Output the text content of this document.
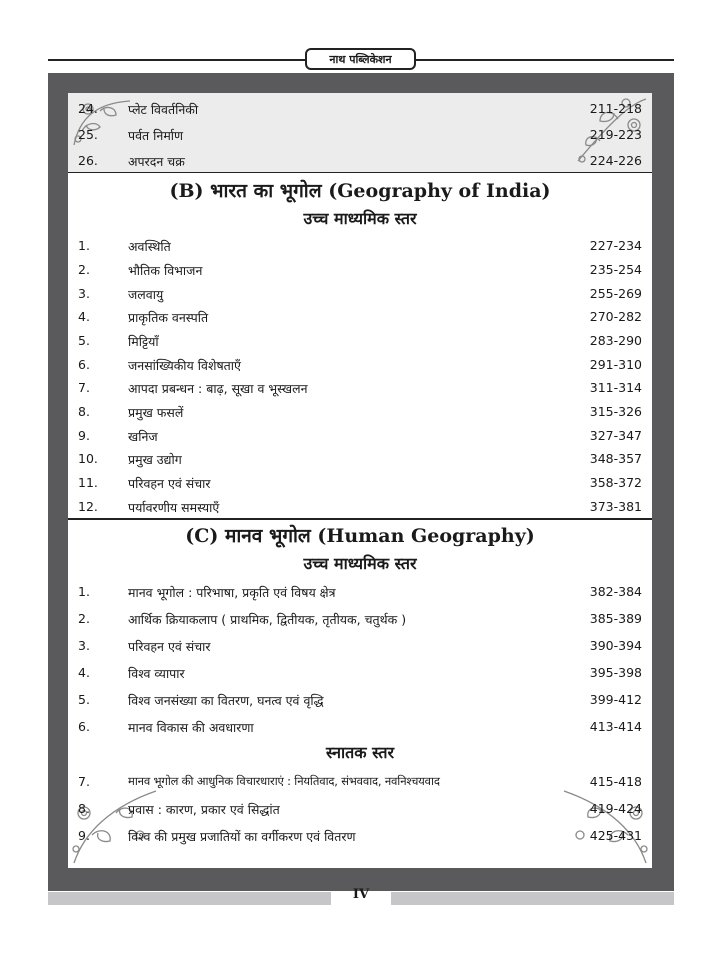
नाथ पब्लिकेशन
24.	प्लेट विवर्तनिकी	211-218
25.	पर्वत निर्माण	219-223
26.	अपरदन चक्र	224-226
(B) भारत का भूगोल (Geography of India)
उच्च माध्यमिक स्तर
1.	अवस्थिति	227-234
2.	भौतिक विभाजन	235-254
3.	जलवायु	255-269
4.	प्राकृतिक वनस्पति	270-282
5.	मिट्टियाँ	283-290
6.	जनसांख्यिकीय विशेषताएँ	291-310
7.	आपदा प्रबन्धन : बाढ़, सूखा व भूस्खलन	311-314
8.	प्रमुख फसलें	315-326
9.	खनिज	327-347
10.	प्रमुख उद्योग	348-357
11.	परिवहन एवं संचार	358-372
12.	पर्यावरणीय समस्याएँ	373-381
(C) मानव भूगोल (Human Geography)
उच्च माध्यमिक स्तर
1.	मानव भूगोल : परिभाषा, प्रकृति एवं विषय क्षेत्र	382-384
2.	आर्थिक क्रियाकलाप ( प्राथमिक, द्वितीयक, तृतीयक, चतुर्थक )	385-389
3.	परिवहन एवं संचार	390-394
4.	विश्व व्यापार	395-398
5.	विश्व जनसंख्या का वितरण, घनत्व एवं वृद्धि	399-412
6.	मानव विकास की अवधारणा	413-414
स्नातक स्तर
7.	मानव भूगोल की आधुनिक विचारधाराएं : नियतिवाद, संभववाद, नवनिश्चयवाद	415-418
8.	प्रवास : कारण, प्रकार एवं सिद्धांत	419-424
9.	विश्व की प्रमुख प्रजातियों का वर्गीकरण एवं वितरण	425-431
IV
